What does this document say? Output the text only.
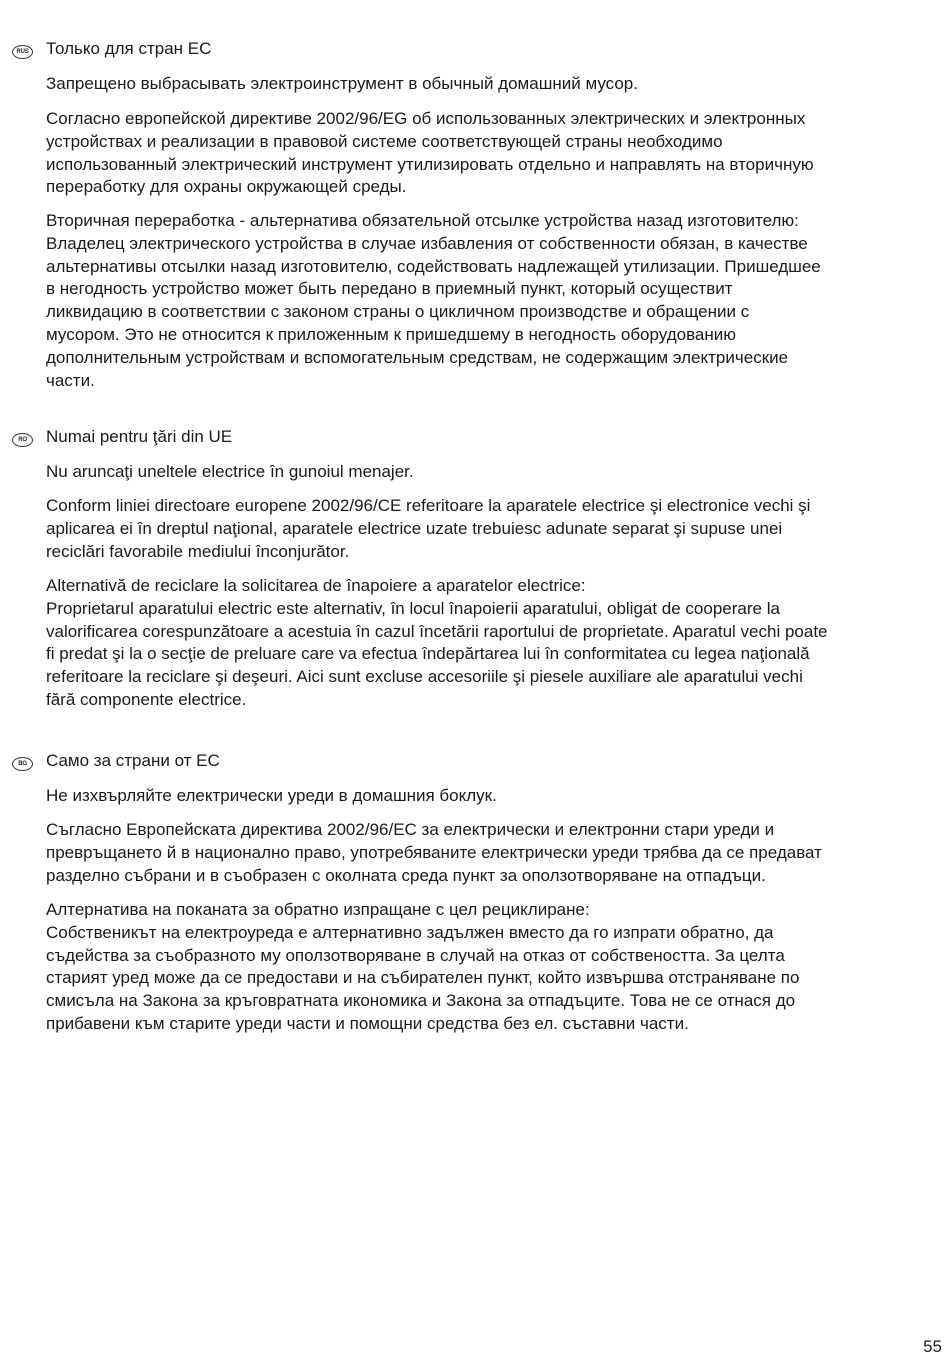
RUS Только для стран ЕС
Запрещено выбрасывать электроинструмент в обычный домашний мусор.
Согласно европейской директиве 2002/96/EG об использованных электрических и электронных
устройствах и реализации в правовой системе соответствующей страны необходимо
использованный электрический инструмент утилизировать отдельно и направлять на вторичную
переработку для охраны окружающей среды.
Вторичная переработка - альтернатива обязательной отсылке устройства назад изготовителю:
Владелец электрического устройства в случае избавления от собственности обязан, в качестве
альтернативы отсылки назад изготовителю, содействовать надлежащей утилизации. Пришедшее
в негодность устройство может быть передано в приемный пункт, который осуществит
ликвидацию в соответствии с законом страны о цикличном производстве и обращении с
мусором. Это не относится к приложенным к пришедшему в негодность оборудованию
дополнительным устройствам и вспомогательным средствам, не содержащим электрические
части.
RO	Numai pentru ţări din UE
Nu aruncaţi uneltele electrice în gunoiul menajer.
Conform liniei directoare europene 2002/96/CE referitoare la aparatele electrice şi electronice vechi şi
aplicarea ei în dreptul naţional, aparatele electrice uzate trebuiesc adunate separat şi supuse unei
reciclări favorabile mediului înconjurător.
Alternativă de reciclare la solicitarea de înapoiere a aparatelor electrice:
Proprietarul aparatului electric este alternativ, în locul înapoierii aparatului, obligat de cooperare la
valorificarea corespunzătoare a acestuia în cazul încetării raportului de proprietate. Aparatul vechi poate
fi predat şi la o secţie de preluare care va efectua îndepărtarea lui în conformitatea cu legea naţională
referitoare la reciclare şi deşeuri. Aici sunt excluse accesoriile şi piesele auxiliare ale aparatului vechi
fără componente electrice.
BG	Само за страни от ЕС
Не изхвърляйте електрически уреди в домашния боклук.
Съгласно Европейската директива 2002/96/ЕС за електрически и електронни стари уреди и
превръщането й в национално право, употребяваните електрически уреди трябва да се предават
разделно събрани и в съобразен с околната среда пункт за оползотворяване на отпадъци.
Алтернатива на поканата за обратно изпращане с цел рециклиране:
Собственикът на електроуреда е алтернативно задължен вместо да го изпрати обратно, да
съдейства за съобразното му оползотворяване в случай на отказ от собствеността. За целта
старият уред може да се предостави и на събирателен пункт, който извършва отстраняване по
смисъла на Закона за кръговратната икономика и Закона за отпадъците. Това не се отнася до
прибавени към старите уреди части и помощни средства без ел. съставни части.
55
